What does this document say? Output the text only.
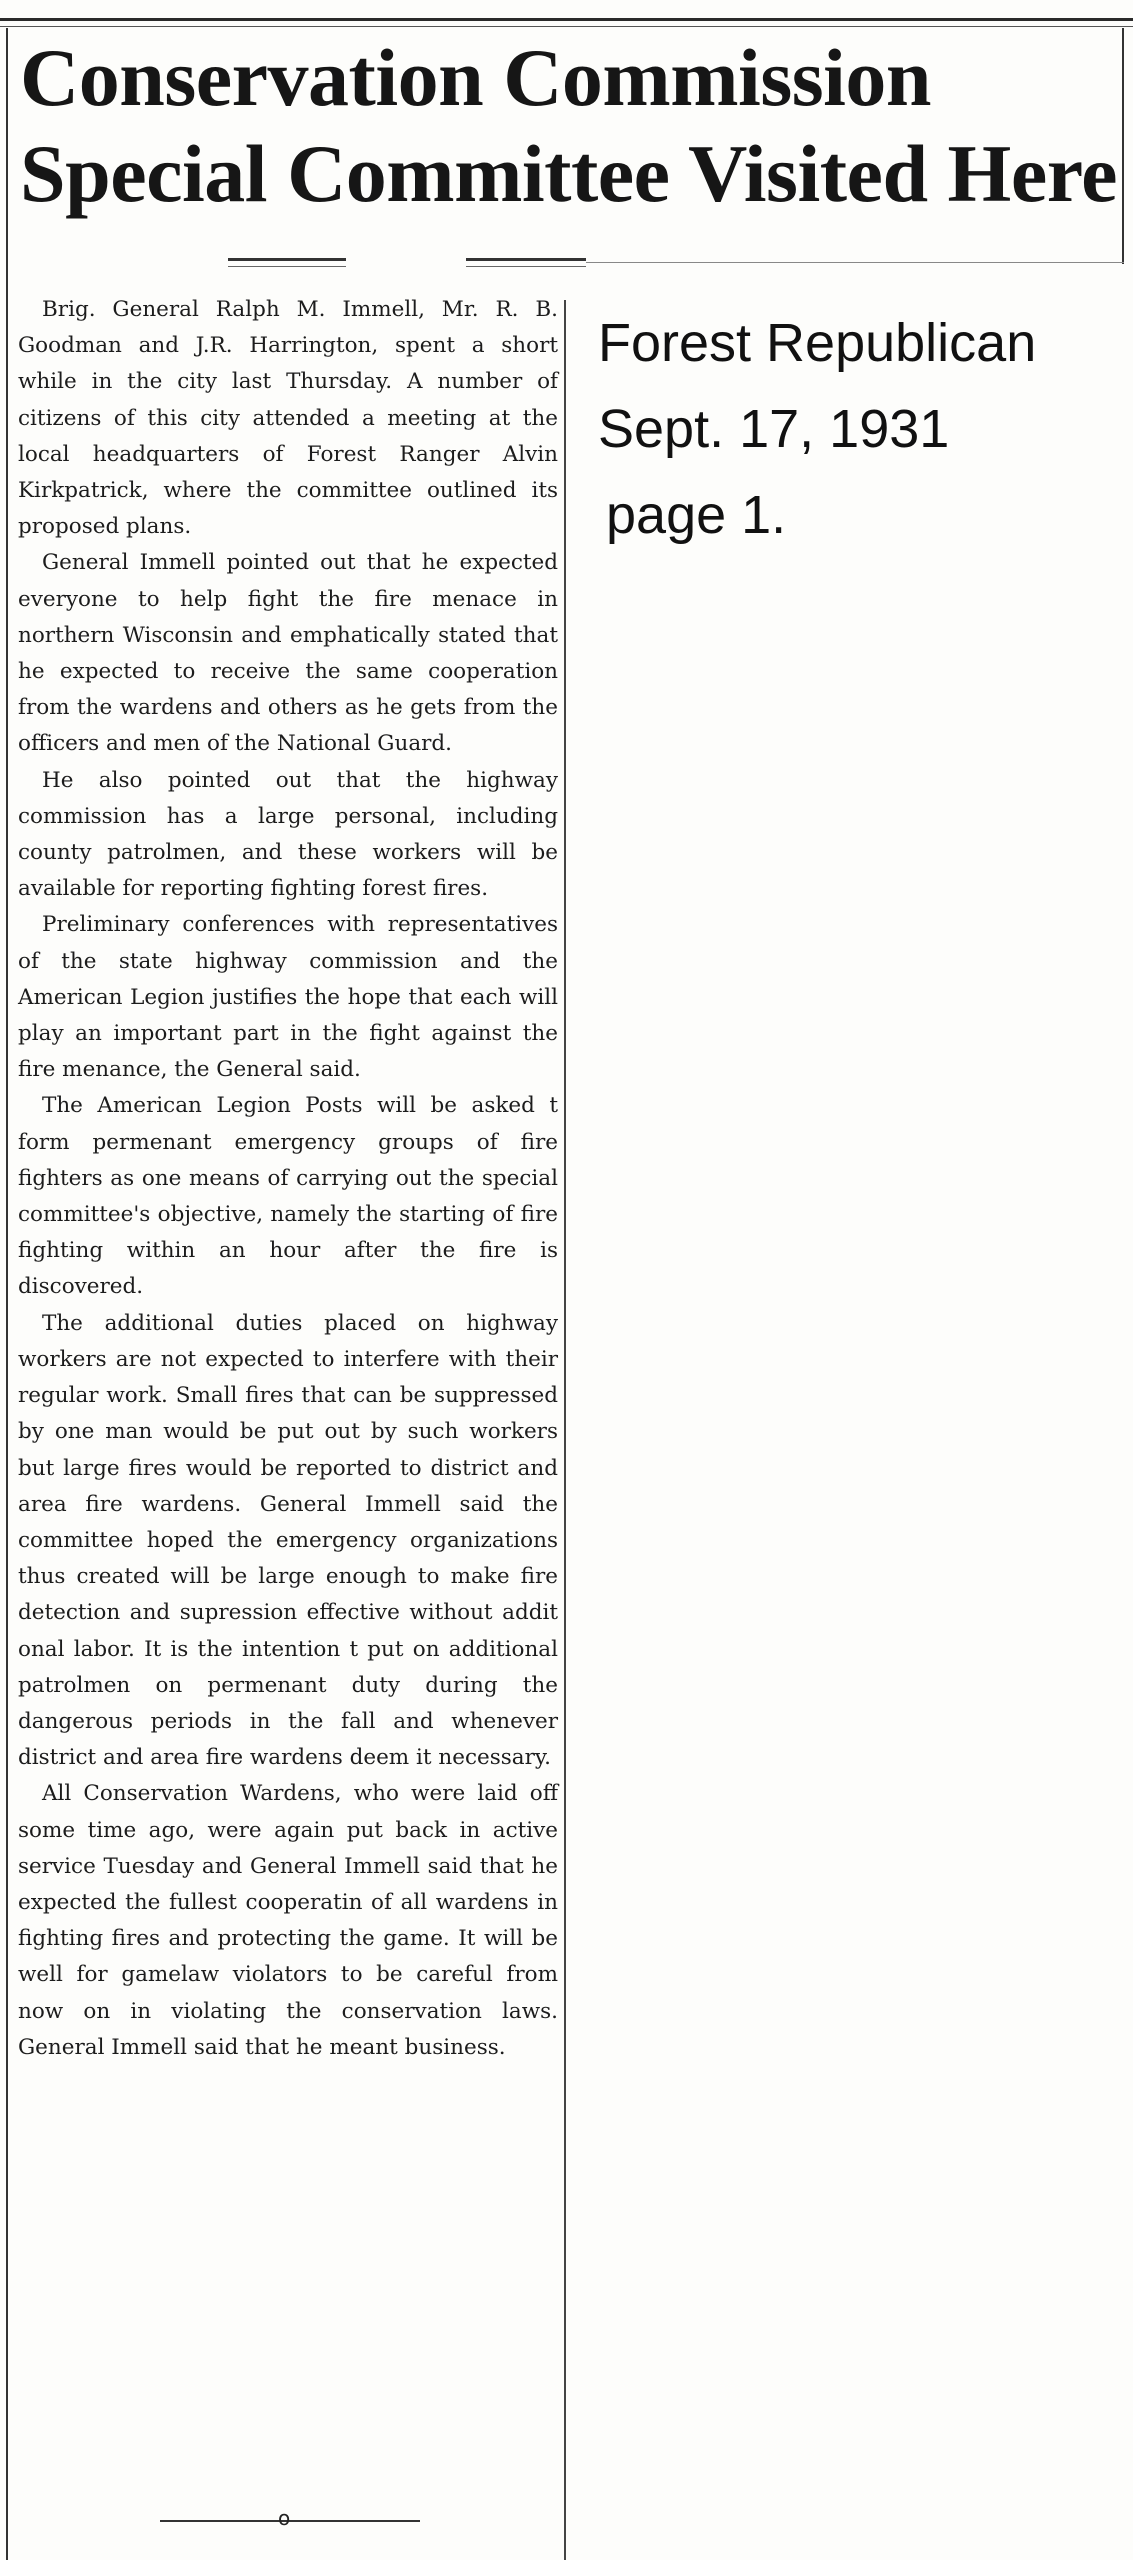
Conservation Commission
Special Committee Visited Here

Brig. General Ralph M. Immell, Mr. R. B. Goodman and J.R. Harrington, spent a short while in the city last Thursday. A number of citizens of this city attended a meeting at the local headquarters of Forest Ranger Alvin Kirkpatrick, where the committee outlined its proposed plans.

General Immell pointed out that he expected everyone to help fight the fire menace in northern Wisconsin and emphatically stated that he expected to receive the same cooperation from the wardens and others as he gets from the officers and men of the National Guard.

He also pointed out that the highway commission has a large personal, including county patrolmen, and these workers will be available for reporting fighting forest fires.

Preliminary conferences with representatives of the state highway commission and the American Legion justifies the hope that each will play an important part in the fight against the fire menance, the General said.

The American Legion Posts will be asked t form permenant emergency groups of fire fighters as one means of carrying out the special committee's objective, namely the starting of fire fighting within an hour after the fire is discovered.

The additional duties placed on highway workers are not expected to interfere with their regular work. Small fires that can be suppressed by one man would be put out by such workers but large fires would be reported to district and area fire wardens. General Immell said the committee hoped the emergency organizations thus created will be large enough to make fire detection and supression effective without addit onal labor. It is the intention t put on additional patrolmen on permenant duty during the dangerous periods in the fall and whenever district and area fire wardens deem it necessary.

All Conservation Wardens, who were laid off some time ago, were again put back in active service Tuesday and General Immell said that he expected the fullest cooperatin of all wardens in fighting fires and protecting the game. It will be well for gamelaw violators to be careful from now on in violating the conservation laws. General Immell said that he meant business.

o
Forest Republican
Sept. 17, 1931
page 1.
